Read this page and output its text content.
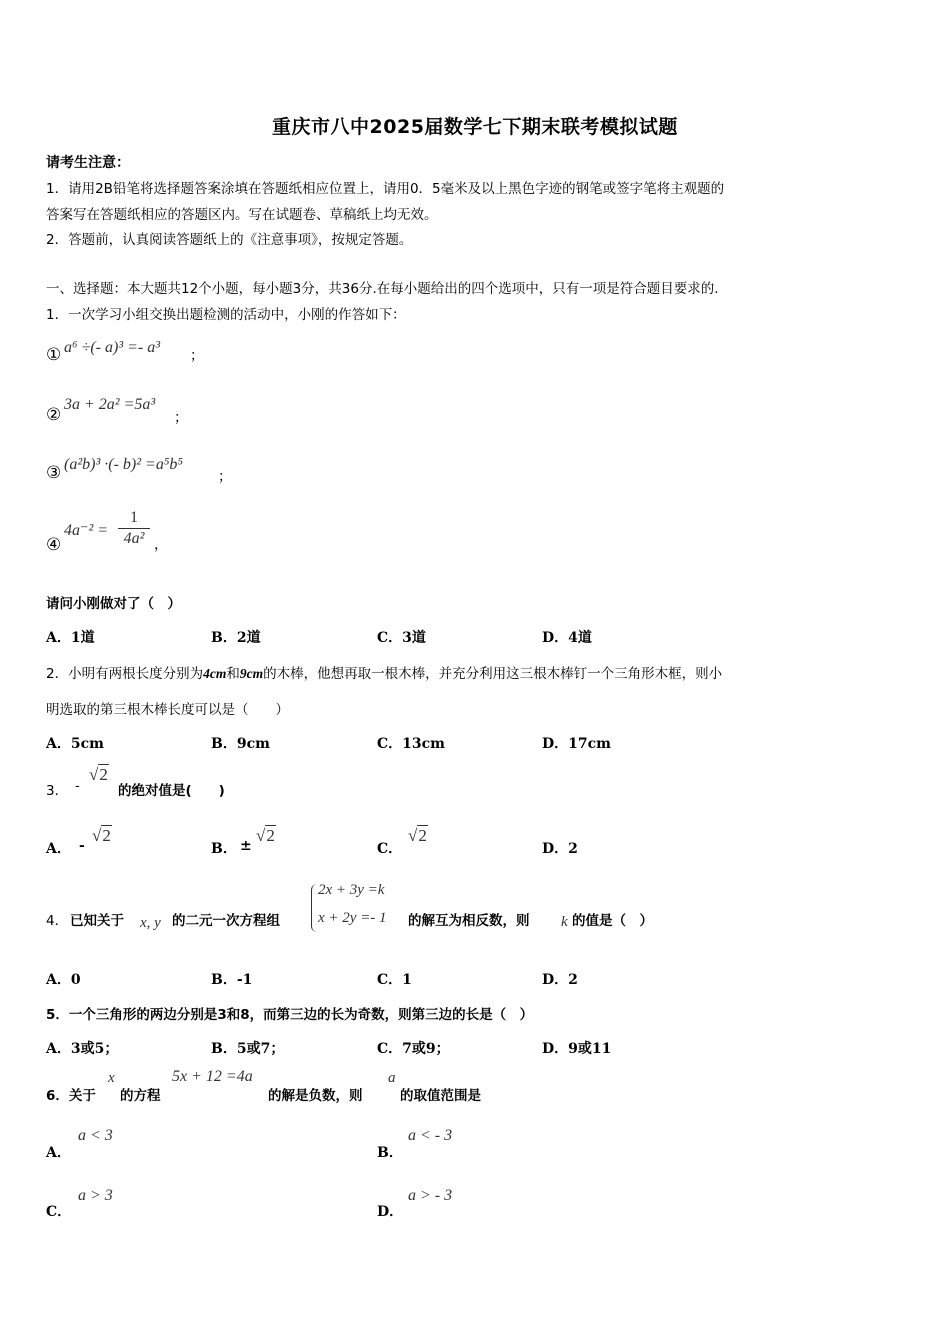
重庆市八中2025届数学七下期末联考模拟试题
请考生注意：
1．请用2B铅笔将选择题答案涂填在答题纸相应位置上，请用0．5毫米及以上黑色字迹的钢笔或签字笔将主观题的
答案写在答题纸相应的答题区内。写在试题卷、草稿纸上均无效。
2．答题前，认真阅读答题纸上的《注意事项》，按规定答题。
一、选择题：本大题共12个小题，每小题3分，共36分.在每小题给出的四个选项中，只有一项是符合题目要求的.
1．一次学习小组交换出题检测的活动中，小刚的作答如下：
① a⁶ ÷(- a)³ =- a³ ；
②
3a + 2a² =5a³
；
③ (a²b)³ ·(- b)² =a⁵b⁵
；
④
4a⁻² =
1
4a² ，
请问小刚做对了（　）
A．1道	B．2道	C．3道	D．4道
2．小明有两根长度分别为4cm和9cm的木棒，他想再取一根木棒，并充分利用这三根木棒钉一个三角形木框，则小
明选取的第三根木棒长度可以是（　　）
A．5cm	B．9cm	C．13cm	D．17cm
3． -
√2
的绝对值是(　　)
A． -
√2
B． ±
√2
C．
√2
D．2
4． 已知关于 x, y 的二元一次方程组
2x + 3y =k
x + 2y =- 1 的解互为相反数，则 k 的值是（　）
A．0	B．-1	C．1	D．2
5．一个三角形的两边分别是3和8，而第三边的长为奇数，则第三边的长是（　）
A．3或5；	B．5或7；	C．7或9；	D．9或11
6．关于
x
的方程
5x + 12 =4a
的解是负数，则
a
的取值范围是
A．
a < 3
B．
a < - 3
C．
a > 3
D．
a > - 3
